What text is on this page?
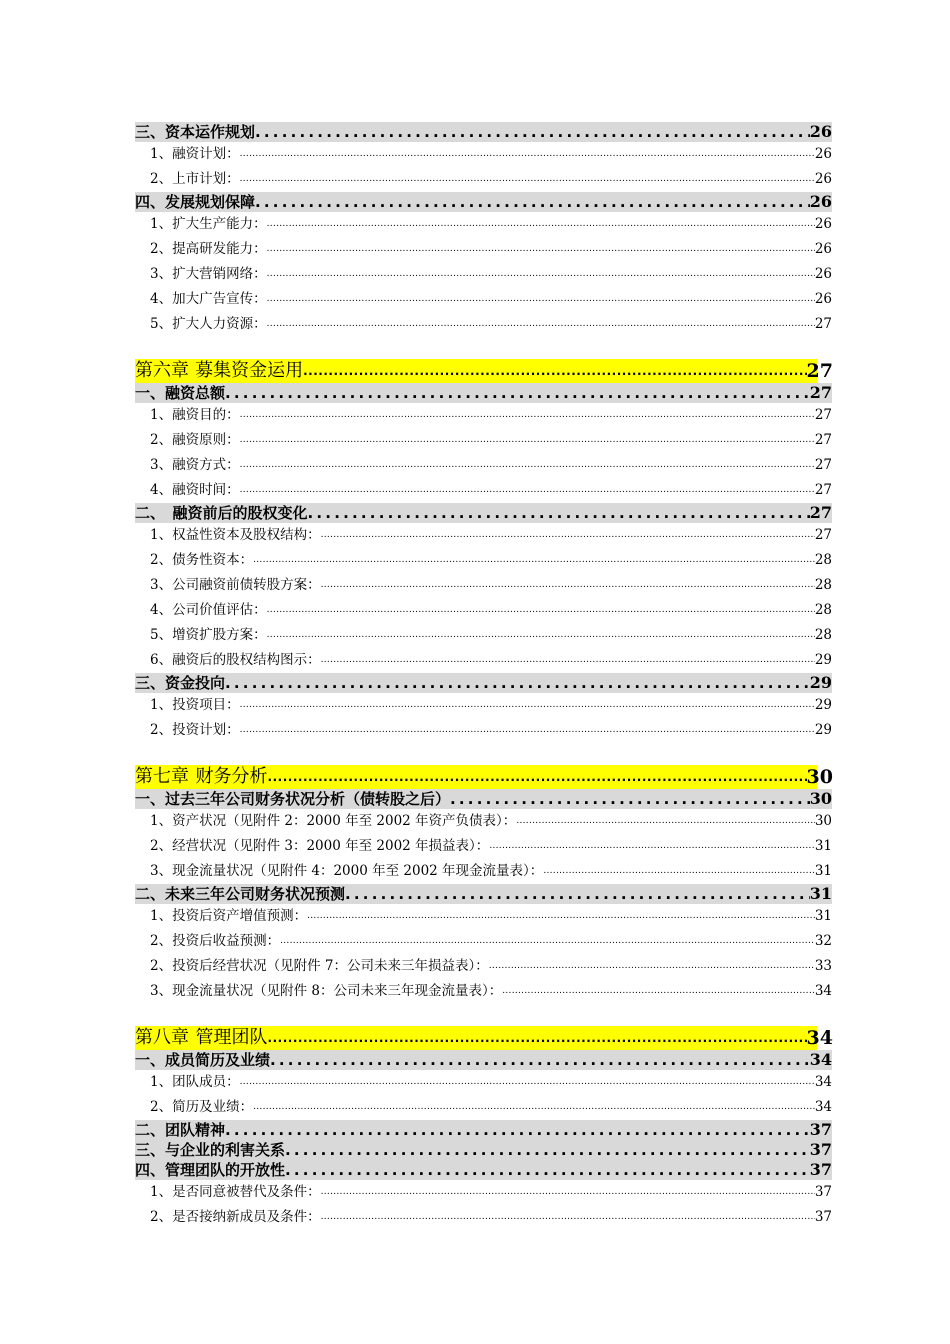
三、资本运作规划 .....	26
1、融资计划： .....	26
2、上市计划： .....	26
四、发展规划保障 .....	26
1、扩大生产能力： .....	26
2、提高研发能力： .....	26
3、扩大营销网络： .....	26
4、加大广告宣传： .....	26
5、扩大人力资源： .....	27
第六章 募集资金运用 .....	27
一、融资总额 .....	27
1、融资目的： .....	27
2、融资原则： .....	27
3、融资方式： .....	27
4、融资时间： .....	27
二、　融资前后的股权变化 .....	27
1、权益性资本及股权结构： .....	27
2、债务性资本： .....	28
3、公司融资前债转股方案： .....	28
4、公司价值评估： .....	28
5、增资扩股方案： .....	28
6、融资后的股权结构图示： .....	29
三、资金投向 .....	29
1、投资项目： .....	29
2、投资计划： .....	29
第七章 财务分析 .....	30
一、过去三年公司财务状况分析（债转股之后） .....	30
1、资产状况（见附件 2：2000 年至 2002 年资产负债表）： .....	30
2、经营状况（见附件 3：2000 年至 2002 年损益表）： .....	31
3、现金流量状况（见附件 4：2000 年至 2002 年现金流量表）： .....	31
二、未来三年公司财务状况预测 .....	31
1、投资后资产增值预测： .....	31
2、投资后收益预测： .....	32
2、投资后经营状况（见附件 7：公司未来三年损益表）： .....	33
3、现金流量状况（见附件 8：公司未来三年现金流量表）： .....	34
第八章 管理团队 .....	34
一、成员简历及业绩 .....	34
1、团队成员： .....	34
2、简历及业绩： .....	34
二、团队精神 .....	37
三、与企业的利害关系 .....	37
四、管理团队的开放性 .....	37
1、是否同意被替代及条件： .....	37
2、是否接纳新成员及条件： .....	37
